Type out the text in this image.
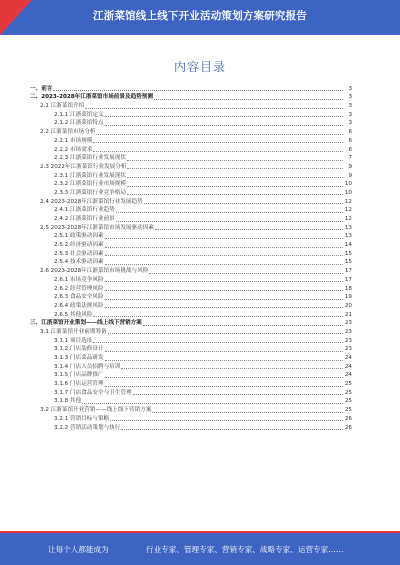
江浙菜馆线上线下开业活动策划方案研究报告
内容目录
一、前言	3
二、2023-2028年江浙菜馆市场前景及趋势预测	3
2.1 江浙菜馆介绍	3
2.1.1 江浙菜馆定义	3
2.1.2 江浙菜馆特点	3
2.2 江浙菜馆市场分析	6
2.2.1 市场规模	6
2.2.2 市场需求	6
2.2.3 江浙菜馆行业发展现状	7
2.3 2022年江浙菜馆行业发展分析	9
2.3.1 江浙菜馆行业发展现状	9
2.3.2 江浙菜馆行业市场规模	10
2.3.3 江浙菜馆行业竞争格局	10
2.4 2023-2028年江浙菜馆行业发展趋势	12
2.4.1 江浙菜馆行业趋势	12
2.4.2 江浙菜馆行业前景	12
2.5 2023-2028年江浙菜馆市场发展驱动因素	13
2.5.1 政策驱动因素	13
2.5.2 经济驱动因素	14
2.5.3 社会驱动因素	15
2.5.4 技术驱动因素	15
2.6 2023-2028年江浙菜馆市场挑战与风险	17
2.6.1 市场竞争风险	17
2.6.2 经营管理风险	18
2.6.3 食品安全风险	19
2.6.4 政策法规风险	20
2.6.5 其他风险	21
三、江浙菜馆开业策划——线上线下营销方案	23
3.1 江浙菜馆开业前期筹备	23
3.1.1 项目选址	23
3.1.2 门店装修设计	23
3.1.3 门店菜品研发	24
3.1.4 门店人员招聘与培训	24
3.1.5 门店品牌推广	24
3.1.6 门店运营管理	25
3.1.7 门店食品安全与卫生管理	25
3.1.8 其他	25
3.2 江浙菜馆开业营销——线上线下营销方案	25
3.2.1 营销目标与策略	26
3.2.2 营销活动策划与执行	26
让每个人都能成为	行业专家、管理专家、营销专家、战略专家、运营专家……
